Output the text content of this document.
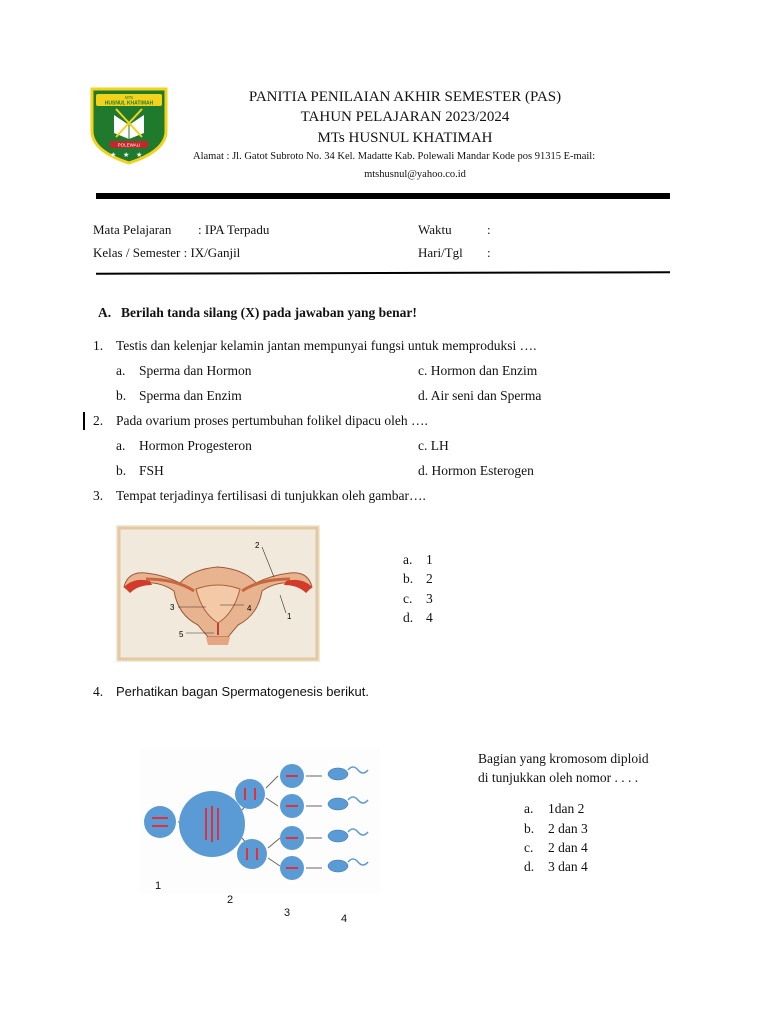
MTs
HUSNUL KHATIMAH
POLEWALI
★ ★ ★
PANITIA PENILAIAN AKHIR SEMESTER (PAS)
TAHUN PELAJARAN 2023/2024
MTs HUSNUL KHATIMAH
Alamat : Jl. Gatot Subroto No. 34 Kel. Madatte Kab. Polewali Mandar Kode pos 91315 E-mail:
mtshusnul@yahoo.co.id
Mata Pelajaran : IPA Terpadu	Waktu	:
Kelas / Semester : IX/Ganjil	Hari/Tgl :
A. Berilah tanda silang (X) pada jawaban yang benar!
1. Testis dan kelenjar kelamin jantan mempunyai fungsi untuk memproduksi ….
a. Sperma dan Hormon	c. Hormon dan Enzim
b. Sperma dan Enzim	d. Air seni dan Sperma
2. Pada ovarium proses pertumbuhan folikel dipacu oleh ….
a. Hormon Progesteron	c. LH
b. FSH	d. Hormon Esterogen
3. Tempat terjadinya fertilisasi di tunjukkan oleh gambar….
1
2
3	4
5
a. 1
b. 2
c. 3
d. 4
4. Perhatikan bagan Spermatogenesis berikut.
1
2
3	4
Bagian yang kromosom diploid
di tunjukkan oleh nomor . . . .
a. 1dan 2
b. 2 dan 3
c. 2 dan 4
d. 3 dan 4
